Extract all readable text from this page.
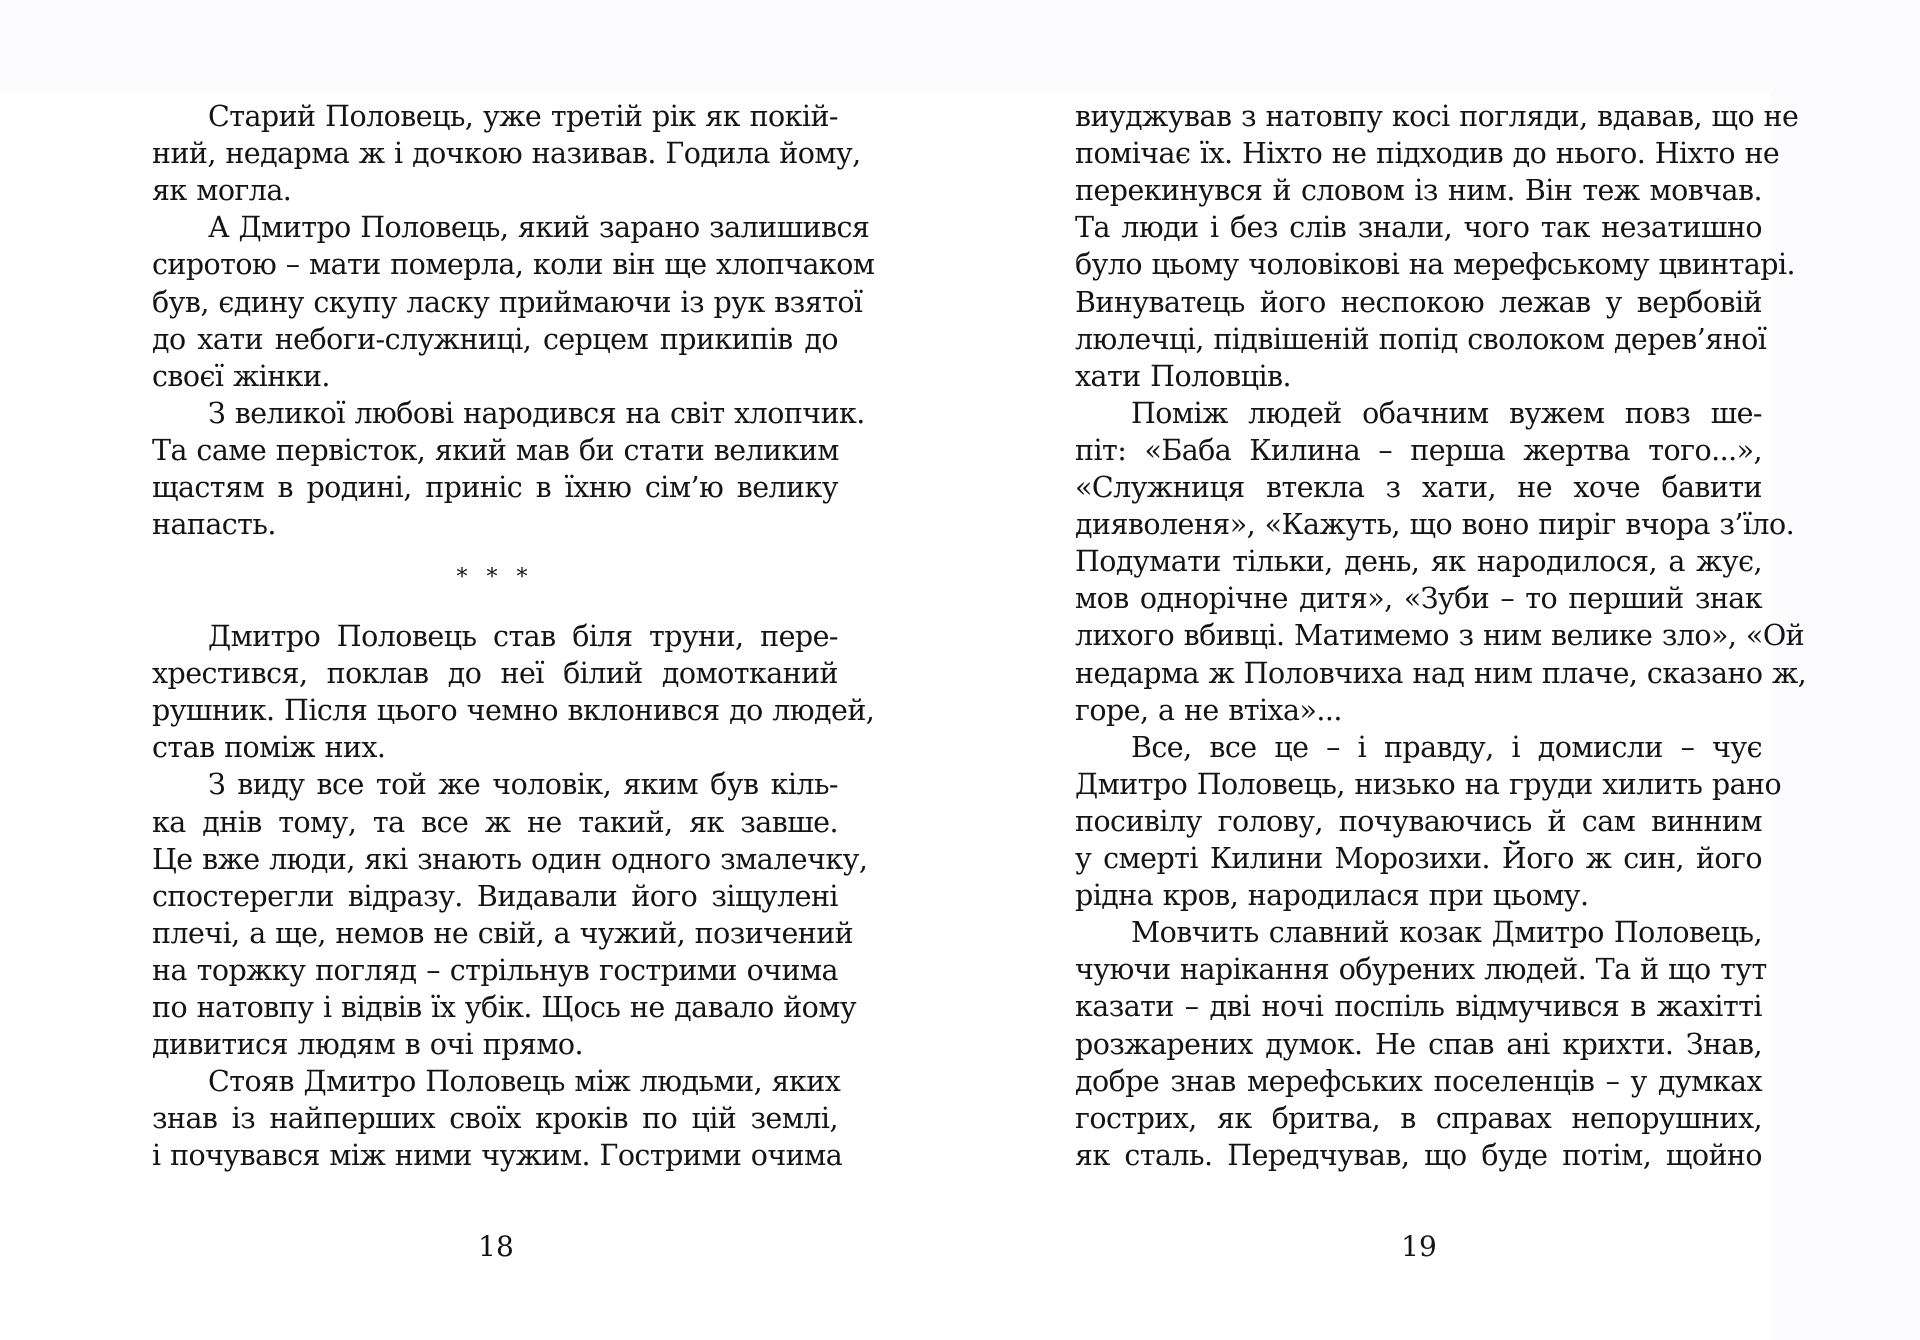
Старий Половець, уже третій рік як покій-
ний, недарма ж і дочкою називав. Годила йому,
як могла.
А Дмитро Половець, який зарано залишився
сиротою – мати померла, коли він ще хлопчаком
був, єдину скупу ласку приймаючи із рук взятої
до хати небоги-служниці, серцем прикипів до
своєї жінки.
З великої любові народився на світ хлопчик.
Та саме первісток, який мав би стати великим
щастям в родині, приніс в їхню сім’ю велику
напасть.
Дмитро Половець став біля труни, пере-
хрестився, поклав до неї білий домотканий
рушник. Після цього чемно вклонився до людей,
став поміж них.
З виду все той же чоловік, яким був кіль-
ка днів тому, та все ж не такий, як завше.
Це вже люди, які знають один одного змалечку,
спостерегли відразу. Видавали його зіщулені
плечі, а ще, немов не свій, а чужий, позичений
на торжку погляд – стрільнув гострими очима
по натовпу і відвів їх убік. Щось не давало йому
дивитися людям в очі прямо.
Стояв Дмитро Половець між людьми, яких
знав із найперших своїх кроків по цій землі,
і почувався між ними чужим. Гострими очима
* * *
18
виуджував з натовпу косі погляди, вдавав, що не
помічає їх. Ніхто не підходив до нього. Ніхто не
перекинувся й словом із ним. Він теж мовчав.
Та люди і без слів знали, чого так незатишно
було цьому чоловікові на мерефському цвинтарі.
Винуватець його неспокою лежав у вербовій
люлечці, підвішеній попід сволоком дерев’яної
хати Половців.
Поміж людей обачним вужем повз ше-
піт: «Баба Килина – перша жертва того...»,
«Служниця втекла з хати, не хоче бавити
дияволеня», «Кажуть, що воно пиріг вчора з’їло.
Подумати тільки, день, як народилося, а жує,
мов однорічне дитя», «Зуби – то перший знак
лихого вбивці. Матимемо з ним велике зло», «Ой
недарма ж Половчиха над ним плаче, сказано ж,
горе, а не втіха»...
Все, все це – і правду, і домисли – чує
Дмитро Половець, низько на груди хилить рано
посивілу голову, почуваючись й сам винним
у смерті Килини Морозихи. Його ж син, його
рідна кров, народилася при цьому.
Мовчить славний козак Дмитро Половець,
чуючи нарікання обурених людей. Та й що тут
казати – дві ночі поспіль відмучився в жахітті
розжарених думок. Не спав ані крихти. Знав,
добре знав мерефських поселенців – у думках
гострих, як бритва, в справах непорушних,
як сталь. Передчував, що буде потім, щойно
19
